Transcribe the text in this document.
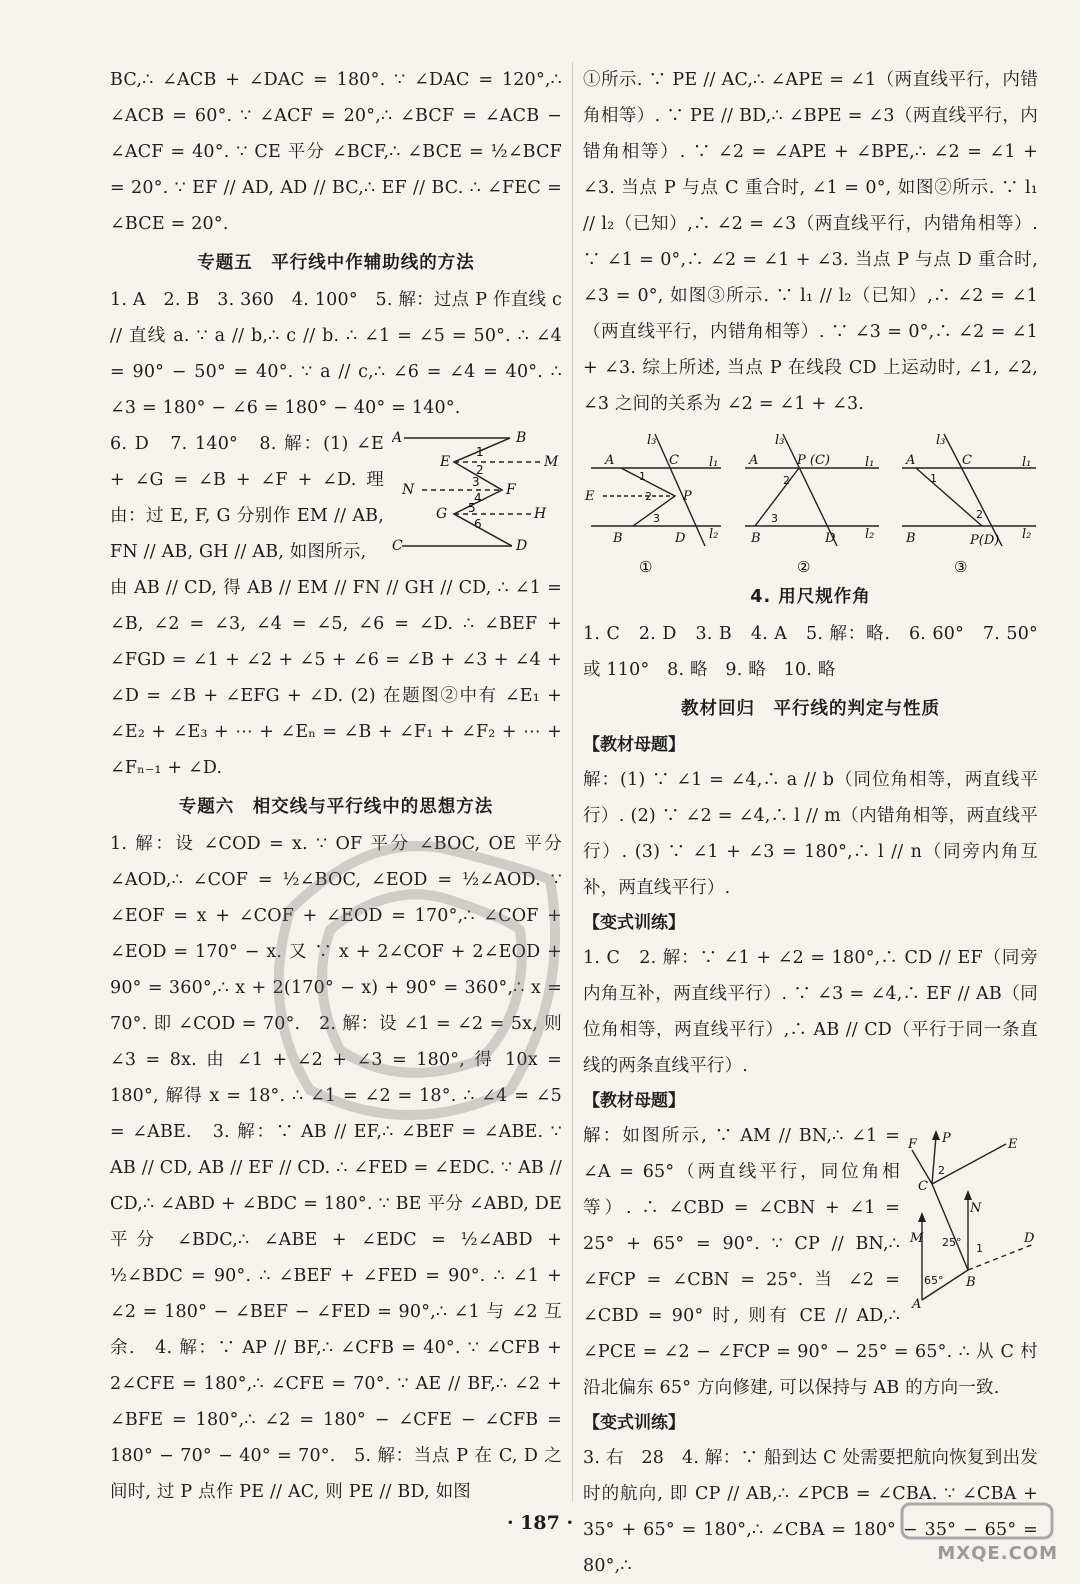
BC,∴ ∠ACB + ∠DAC = 180°. ∵ ∠DAC = 120°,∴ ∠ACB = 60°. ∵ ∠ACF = 20°,∴ ∠BCF = ∠ACB − ∠ACF = 40°. ∵ CE 平分 ∠BCF,∴ ∠BCE = ½∠BCF = 20°. ∵ EF // AD, AD // BC,∴ EF // BC. ∴ ∠FEC = ∠BCE = 20°.

专题五　平行线中作辅助线的方法

1. A　2. B　3. 360　4. 100°　5. 解：过点 P 作直线 c // 直线 a. ∵ a // b,∴ c // b. ∴ ∠1 = ∠5 = 50°. ∴ ∠4 = 90° − 50° = 40°. ∵ a // c,∴ ∠6 = ∠4 = 40°. ∴ ∠3 = 180° − ∠6 = 180° − 40° = 140°.

A	B
E	M
N	F
G	H
C	D
1
2
3
4
5
6

6. D　7. 140°　8. 解：(1) ∠E + ∠G = ∠B + ∠F + ∠D. 理由：过 E, F, G 分别作 EM // AB, FN // AB, GH // AB, 如图所示,

由 AB // CD, 得 AB // EM // FN // GH // CD, ∴ ∠1 = ∠B, ∠2 = ∠3, ∠4 = ∠5, ∠6 = ∠D. ∴ ∠BEF + ∠FGD = ∠1 + ∠2 + ∠5 + ∠6 = ∠B + ∠3 + ∠4 + ∠D = ∠B + ∠EFG + ∠D. (2) 在题图②中有 ∠E₁ + ∠E₂ + ∠E₃ + ⋯ + ∠Eₙ = ∠B + ∠F₁ + ∠F₂ + ⋯ + ∠Fₙ₋₁ + ∠D.

专题六　相交线与平行线中的思想方法

1. 解：设 ∠COD = x. ∵ OF 平分 ∠BOC, OE 平分 ∠AOD,∴ ∠COF = ½∠BOC, ∠EOD = ½∠AOD. ∵ ∠EOF = x + ∠COF + ∠EOD = 170°,∴ ∠COF + ∠EOD = 170° − x. 又 ∵ x + 2∠COF + 2∠EOD + 90° = 360°,∴ x + 2(170° − x) + 90° = 360°,∴ x = 70°. 即 ∠COD = 70°.　2. 解：设 ∠1 = ∠2 = 5x, 则 ∠3 = 8x. 由 ∠1 + ∠2 + ∠3 = 180°, 得 10x = 180°, 解得 x = 18°. ∴ ∠1 = ∠2 = 18°. ∴ ∠4 = ∠5 = ∠ABE.　3. 解：∵ AB // EF,∴ ∠BEF = ∠ABE. ∵ AB // CD, AB // EF // CD. ∴ ∠FED = ∠EDC. ∵ AB // CD,∴ ∠ABD + ∠BDC = 180°. ∵ BE 平分 ∠ABD, DE 平分 ∠BDC,∴ ∠ABE + ∠EDC = ½∠ABD + ½∠BDC = 90°. ∴ ∠BEF + ∠FED = 90°. ∴ ∠1 + ∠2 = 180° − ∠BEF − ∠FED = 90°,∴ ∠1 与 ∠2 互余.　4. 解：∵ AP // BF,∴ ∠CFB = 40°. ∵ ∠CFB + 2∠CFE = 180°,∴ ∠CFE = 70°. ∵ AE // BF,∴ ∠2 + ∠BFE = 180°,∴ ∠2 = 180° − ∠CFE − ∠CFB = 180° − 70° − 40° = 70°.　5. 解：当点 P 在 C, D 之间时, 过 P 点作 PE // AC, 则 PE // BD, 如图

①所示. ∵ PE // AC,∴ ∠APE = ∠1（两直线平行，内错角相等）. ∵ PE // BD,∴ ∠BPE = ∠3（两直线平行，内错角相等）. ∵ ∠2 = ∠APE + ∠BPE,∴ ∠2 = ∠1 + ∠3. 当点 P 与点 C 重合时, ∠1 = 0°, 如图②所示. ∵ l₁ // l₂（已知）,∴ ∠2 = ∠3（两直线平行，内错角相等）. ∵ ∠1 = 0°,∴ ∠2 = ∠1 + ∠3. 当点 P 与点 D 重合时, ∠3 = 0°, 如图③所示. ∵ l₁ // l₂（已知）,∴ ∠2 = ∠1（两直线平行，内错角相等）. ∵ ∠3 = 0°,∴ ∠2 = ∠1 + ∠3. 综上所述, 当点 P 在线段 CD 上运动时, ∠1, ∠2, ∠3 之间的关系为 ∠2 = ∠1 + ∠3.

l₃
A	C l₁
E	P
l₂
B	D
1
2
3
①
l₃
A	P (C)	l₁
l₂
B	D
2
3
②
l₃
A	C	l₁
l₂
B	P(D)
1
2
③
4. 用尺规作角

1. C　2. D　3. B　4. A　5. 解：略.　6. 60°　7. 50° 或 110°　8. 略　9. 略　10. 略

教材回归　平行线的判定与性质
【教材母题】

解：(1) ∵ ∠1 = ∠4,∴ a // b（同位角相等，两直线平行）. (2) ∵ ∠2 = ∠4,∴ l // m（内错角相等，两直线平行）. (3) ∵ ∠1 + ∠3 = 180°,∴ l // n（同旁内角互补，两直线平行）.

【变式训练】

1. C　2. 解：∵ ∠1 + ∠2 = 180°,∴ CD // EF（同旁内角互补，两直线平行）. ∵ ∠3 = ∠4,∴ EF // AB（同位角相等，两直线平行）,∴ AB // CD（平行于同一条直线的两条直线平行）.

【教材母题】
P	E
F
C
N
M
B
A
D
2
1
25°
65°

解：如图所示, ∵ AM // BN,∴ ∠1 = ∠A = 65°（两直线平行，同位角相等）. ∴ ∠CBD = ∠CBN + ∠1 = 25° + 65° = 90°. ∵ CP // BN,∴ ∠FCP = ∠CBN = 25°. 当 ∠2 = ∠CBD = 90° 时, 则有 CE // AD,∴ ∠PCE = ∠2 − ∠FCP = 90° − 25° = 65°. ∴ 从 C 村沿北偏东 65° 方向修建, 可以保持与 AB 的方向一致.

【变式训练】

3. 右　28　4. 解：∵ 船到达 C 处需要把航向恢复到出发时的航向, 即 CP // AB,∴ ∠PCB = ∠CBA. ∵ ∠CBA + 35° + 65° = 180°,∴ ∠CBA = 180° − 35° − 65° = 80°,∴

· 187 ·
MXQE.COM
